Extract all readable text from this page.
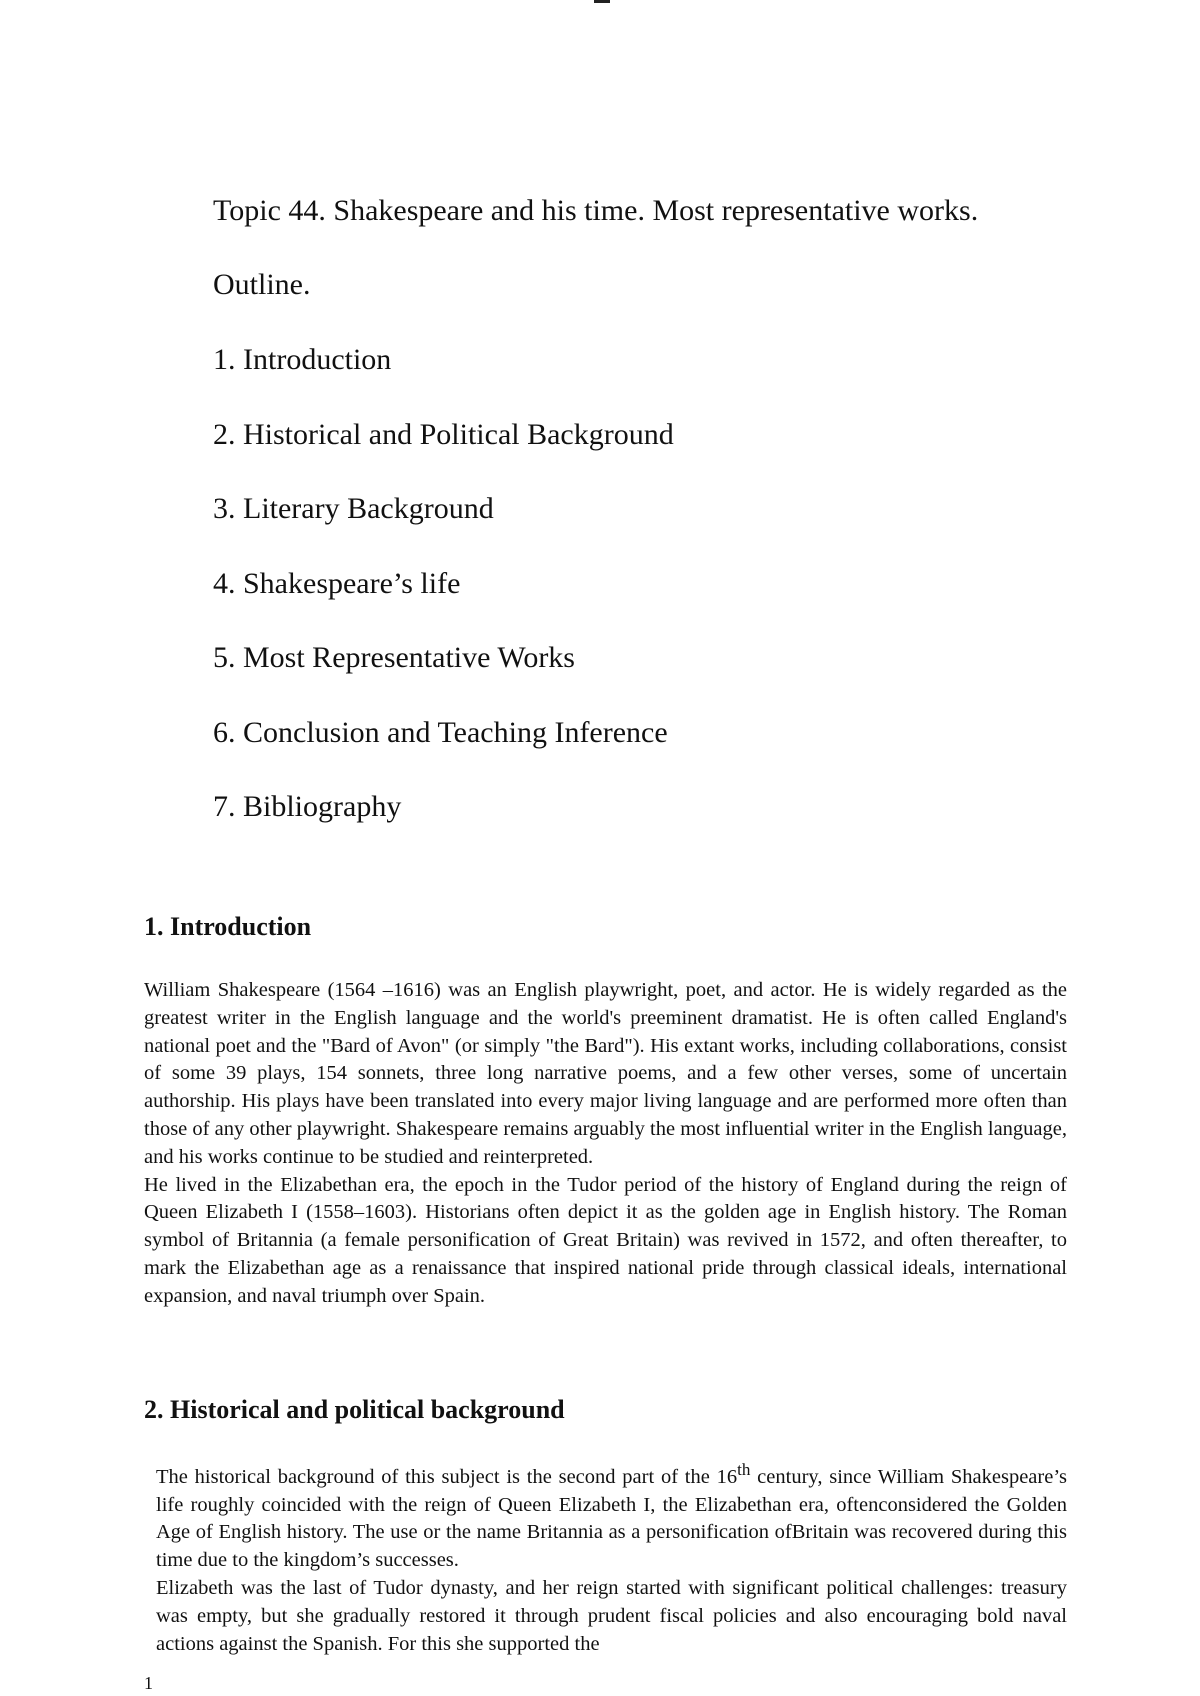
Topic 44. Shakespeare and his time. Most representative works.
Outline.
1. Introduction
2. Historical and Political Background
3. Literary Background
4. Shakespeare’s life
5. Most Representative Works
6. Conclusion and Teaching Inference
7. Bibliography
1. Introduction

William Shakespeare (1564 –1616) was an English playwright, poet, and actor. He is widely regarded as the greatest writer in the English language and the world's preeminent dramatist. He is often called England's national poet and the "Bard of Avon" (or simply "the Bard"). His extant works, including collaborations, consist of some 39 plays, 154 sonnets, three long narrative poems, and a few other verses, some of uncertain authorship. His plays have been translated into every major living language and are performed more often than those of any other playwright. Shakespeare remains arguably the most influential writer in the English language, and his works continue to be studied and reinterpreted.

He lived in the Elizabethan era, the epoch in the Tudor period of the history of England during the reign of Queen Elizabeth I (1558–1603). Historians often depict it as the golden age in English history. The Roman symbol of Britannia (a female personification of Great Britain) was revived in 1572, and often thereafter, to mark the Elizabethan age as a renaissance that inspired national pride through classical ideals, international expansion, and naval triumph over Spain.

2. Historical and political background

The historical background of this subject is the second part of the 16th century, since William Shakespeare’s life roughly coincided with the reign of Queen Elizabeth I, the Elizabethan era, oftenconsidered the Golden Age of English history. The use or the name Britannia as a personification ofBritain was recovered during this time due to the kingdom’s successes.

Elizabeth was the last of Tudor dynasty, and her reign started with significant political challenges: treasury was empty, but she gradually restored it through prudent fiscal policies and also encouraging bold naval actions against the Spanish. For this she supported the

1
